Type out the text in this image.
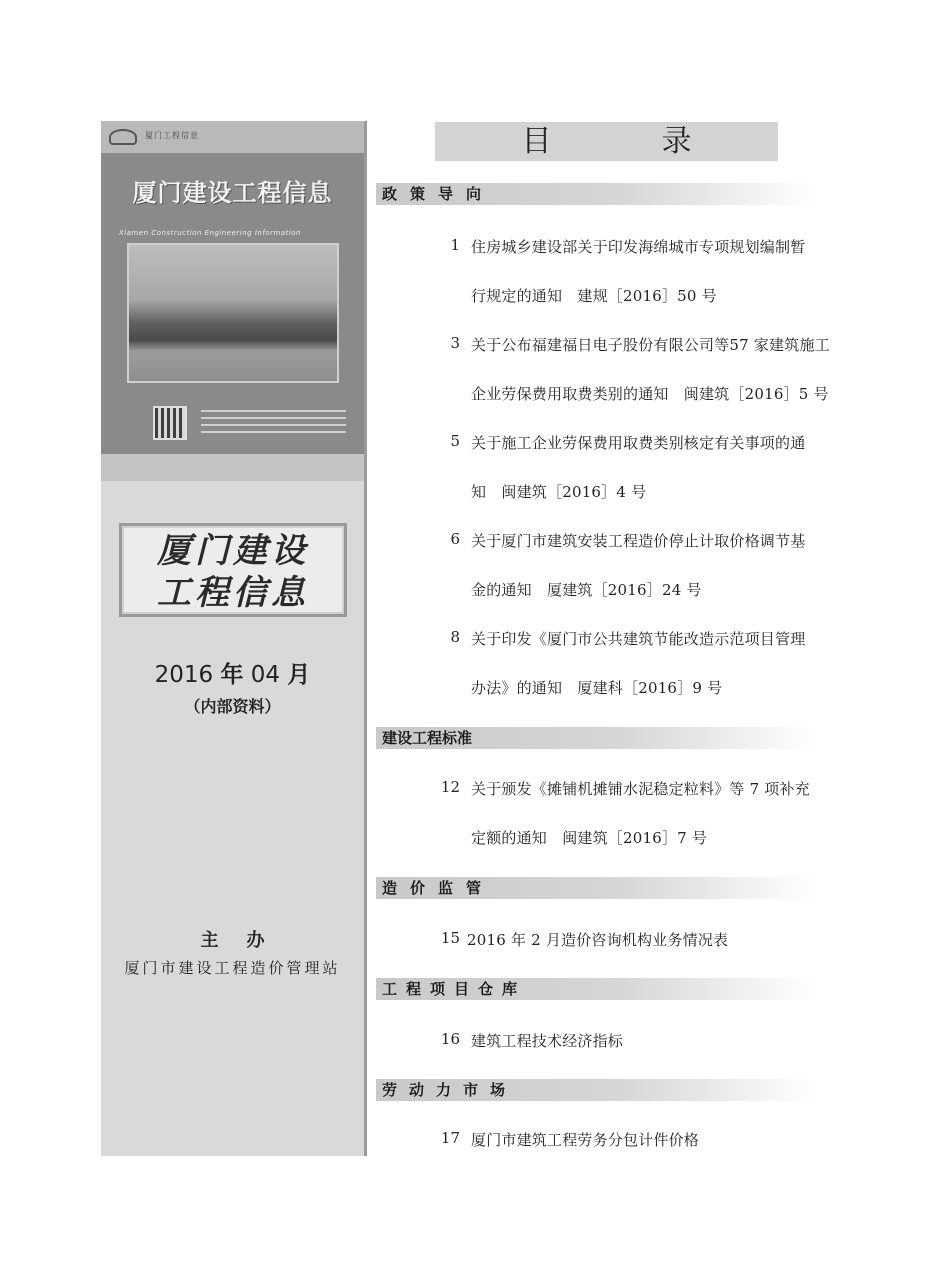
厦门工程信息
厦门建设工程信息
Xiamen Construction Engineering Information
厦门建设
工程信息
2016 年 04 月
（内部资料）
主办
厦门市建设工程造价管理站
目	录
政策导向
1 住房城乡建设部关于印发海绵城市专项规划编制暂
行规定的通知　建规［2016］50 号
3 关于公布福建福日电子股份有限公司等57 家建筑施工
企业劳保费用取费类别的通知　闽建筑［2016］5 号
5 关于施工企业劳保费用取费类别核定有关事项的通
知　闽建筑［2016］4 号
6 关于厦门市建筑安装工程造价停止计取价格调节基
金的通知　厦建筑［2016］24 号
8 关于印发《厦门市公共建筑节能改造示范项目管理
办法》的通知　厦建科［2016］9 号
建设工程标准
12 关于颁发《摊铺机摊铺水泥稳定粒料》等 7 项补充
定额的通知　闽建筑［2016］7 号
造价监管
15 2016 年 2 月造价咨询机构业务情况表
工程项目仓库
16 建筑工程技术经济指标
劳动力市场
17 厦门市建筑工程劳务分包计件价格
